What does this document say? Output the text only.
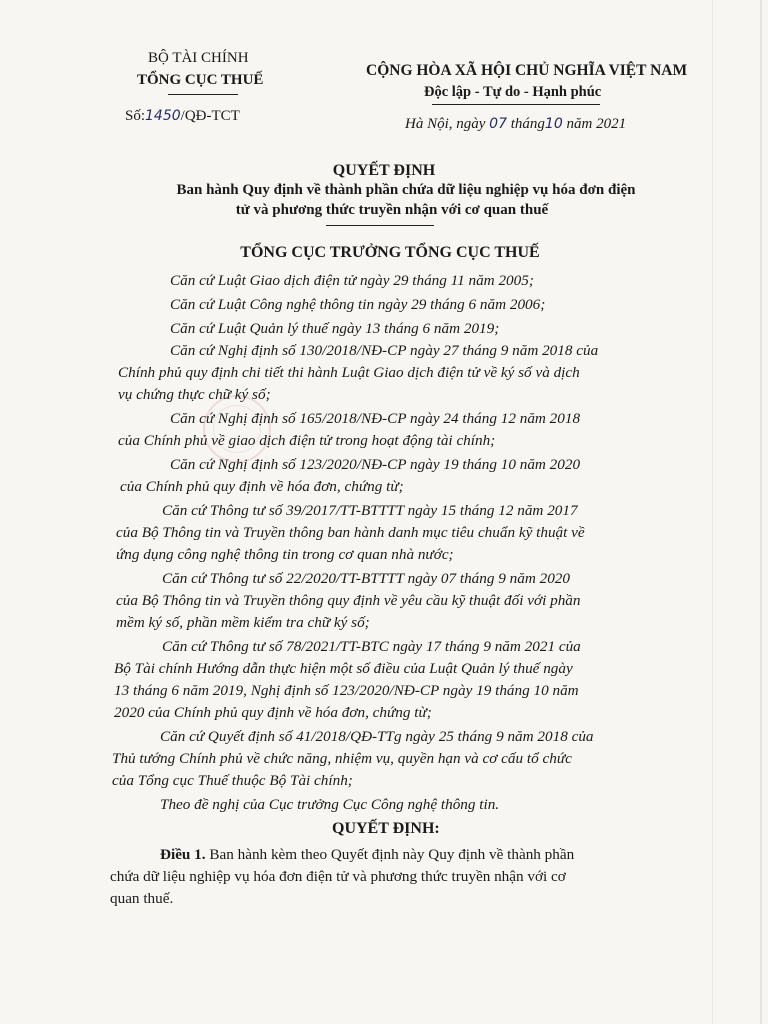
BỘ TÀI CHÍNH
TỔNG CỤC THUẾ
Số:1450/QĐ-TCT
CỘNG HÒA XÃ HỘI CHỦ NGHĨA VIỆT NAM
Độc lập - Tự do - Hạnh phúc
Hà Nội, ngày 07 tháng10 năm 2021
QUYẾT ĐỊNH
Ban hành Quy định về thành phần chứa dữ liệu nghiệp vụ hóa đơn điện
tử và phương thức truyền nhận với cơ quan thuế
TỔNG CỤC TRƯỞNG TỔNG CỤC THUẾ
Căn cứ Luật Giao dịch điện tử ngày 29 tháng 11 năm 2005;
Căn cứ Luật Công nghệ thông tin ngày 29 tháng 6 năm 2006;
Căn cứ Luật Quản lý thuế ngày 13 tháng 6 năm 2019;
Căn cứ Nghị định số 130/2018/NĐ-CP ngày 27 tháng 9 năm 2018 của
Chính phủ quy định chi tiết thi hành Luật Giao dịch điện tử về ký số và dịch
vụ chứng thực chữ ký số;
Căn cứ Nghị định số 165/2018/NĐ-CP ngày 24 tháng 12 năm 2018
của Chính phủ về giao dịch điện tử trong hoạt động tài chính;
Căn cứ Nghị định số 123/2020/NĐ-CP ngày 19 tháng 10 năm 2020
của Chính phủ quy định về hóa đơn, chứng từ;
Căn cứ Thông tư số 39/2017/TT-BTTTT ngày 15 tháng 12 năm 2017
của Bộ Thông tin và Truyền thông ban hành danh mục tiêu chuẩn kỹ thuật về
ứng dụng công nghệ thông tin trong cơ quan nhà nước;
Căn cứ Thông tư số 22/2020/TT-BTTTT ngày 07 tháng 9 năm 2020
của Bộ Thông tin và Truyền thông quy định về yêu cầu kỹ thuật đối với phần
mềm ký số, phần mềm kiểm tra chữ ký số;
Căn cứ Thông tư số 78/2021/TT-BTC ngày 17 tháng 9 năm 2021 của
Bộ Tài chính Hướng dẫn thực hiện một số điều của Luật Quản lý thuế ngày
13 tháng 6 năm 2019, Nghị định số 123/2020/NĐ-CP ngày 19 tháng 10 năm
2020 của Chính phủ quy định về hóa đơn, chứng từ;
Căn cứ Quyết định số 41/2018/QĐ-TTg ngày 25 tháng 9 năm 2018 của
Thủ tướng Chính phủ về chức năng, nhiệm vụ, quyền hạn và cơ cấu tổ chức
của Tổng cục Thuế thuộc Bộ Tài chính;
Theo đề nghị của Cục trưởng Cục Công nghệ thông tin.
QUYẾT ĐỊNH:
Điều 1. Ban hành kèm theo Quyết định này Quy định về thành phần
chứa dữ liệu nghiệp vụ hóa đơn điện tử và phương thức truyền nhận với cơ
quan thuế.
